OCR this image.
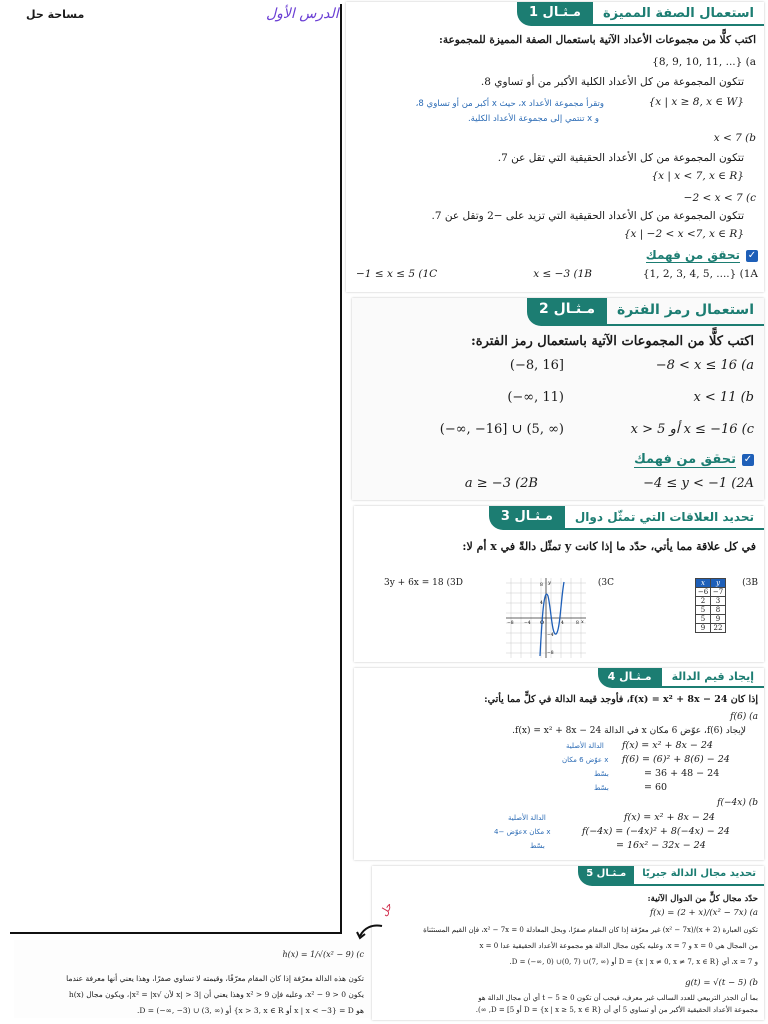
مساحة حل	الدرس الأول	استعمال الصفة المميزة
مـثـال 1
اكتب كلًّا من مجموعات الأعداد الآتية باستعمال الصفة المميزة للمجموعة:
{8, 9, 10, 11, ...} (a
تتكون المجموعة من كل الأعداد الكلية الأكبر من أو تساوي 8.
{x | x ≥ 8, x ∈ W}
وتقرأ مجموعة الأعداد x، حيث x أكبر من أو تساوي 8،
و x تنتمي إلى مجموعة الأعداد الكلية.
x < 7 (b
تتكون المجموعة من كل الأعداد الحقيقية التي تقل عن 7.
{x | x < 7, x ∈ R}
−2 < x < 7 (c
تتكون المجموعة من كل الأعداد الحقيقية التي تزيد على −2 وتقل عن 7.
{x | −2 < x <7, x ∈ R}
✓
تحقق من فهمك
{1, 2, 3, 4, 5, ....} (1A
x ≤ −3 (1B
−1 ≤ x ≤ 5 (1C
استعمال رمز الفترة
مـثـال 2
اكتب كلًّا من المجموعات الآتية باستعمال رمز الفترة:
−8 < x ≤ 16 (a
(−8, 16]
x < 11 (b
(−∞, 11)
x > 5 أو x ≤ −16 (c
(−∞, −16] ∪ (5, ∞)
✓
تحقق من فهمك
−4 ≤ y < −1 (2A
a ≥ −3 (2B
تحديد العلاقات التي تمثّل دوال
مـثـال 3
في كل علاقة مما يأتي، حدّد ما إذا كانت y تمثّل دالةً في x أم لا:
(3B
x	y
−6	−7
2	3
5	8
5	9
9	22
(3C
y
x
O
−8 −4	4	8
8
4
−4
−8
3y + 6x = 18 (3D
إيجاد قيم الدالة
مـثـال 4
إذا كان f(x) = x² + 8x − 24، فأوجد قيمة الدالة في كلٍّ مما يأتي:
f(6) (a
لإيجاد f(6)، عوّض 6 مكان x في الدالة f(x) = x² + 8x − 24.
f(x) = x² + 8x − 24
الدالة الأصلية
f(6) = (6)² + 8(6) − 24
عوّض 6 مكان x
= 36 + 48 − 24
بسّط
= 60
بسّط
f(−4x) (b
f(x) = x² + 8x − 24
الدالة الأصلية
f(−4x) = (−4x)² + 8(−4x) − 24
عوّض −4x مكان x
= 16x² − 32x − 24
بسّط
تحديد مجال الدالة جبريًا
مـثـال 5
حدّد مجال كلٍّ من الدوال الآتية:
f(x) = (2 + x)/(x² − 7x) (a
تكون العبارة (2 + x)/(x² − 7x) غير معرّفة إذا كان المقام صفرًا، وبحل المعادلة x² − 7x = 0، فإن القيم المستثناة
من المجال هي x = 0 و x = 7، وعليه يكون مجال الدالة هو مجموعة الأعداد الحقيقية عدا x = 0
و x = 7، أي D = {x | x ≠ 0, x ≠ 7, x ∈ R} أو D = (−∞, 0) ∪(0, 7) ∪(7, ∞).
g(t) = √(t − 5) (b
بما أن الجذر التربيعي للعدد السالب غير معرف، فيجب أن تكون t − 5 ≥ 0 أي أن مجال الدالة هو
مجموعة الأعداد الحقيقية الأكبر من أو تساوي 5 أي أن D = {x | x ≥ 5, x ∈ R} أو D = [5, ∞).
حل
h(x) = 1/√(x² − 9) (c
تكون هذه الدالة معرّفة إذا كان المقام معرّفًا، وقيمته لا تساوي صفرًا، وهذا يعني أنها معرفة عندما
يكون x² − 9 > 0، وعليه فإن x² > 9 وهذا يعني أن |x| > 3 لأن √x² = |x|، ويكون مجال h(x)
هو D = {x | x < −3 أو x > 3, x ∈ R} أو D = (−∞, −3) ∪ (3, ∞).
